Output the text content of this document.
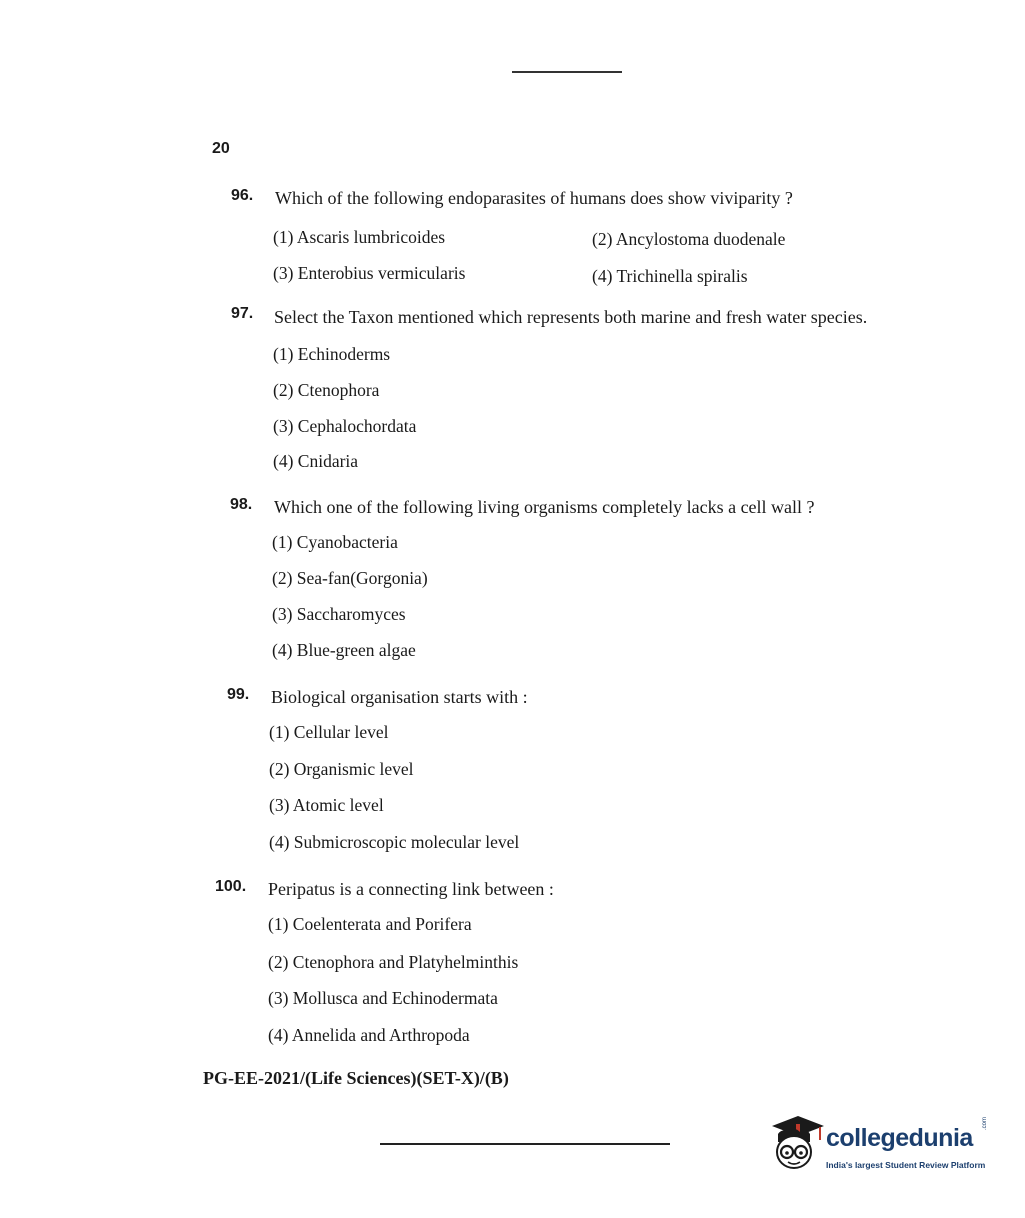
20
96. Which of the following endoparasites of humans does show viviparity ?
(1) Ascaris lumbricoides	(2) Ancylostoma duodenale
(3) Enterobius vermicularis	(4) Trichinella spiralis
97. Select the Taxon mentioned which represents both marine and fresh water species.
(1) Echinoderms
(2) Ctenophora
(3) Cephalochordata
(4) Cnidaria
98. Which one of the following living organisms completely lacks a cell wall ?
(1) Cyanobacteria
(2) Sea-fan(Gorgonia)
(3) Saccharomyces
(4) Blue-green algae
99. Biological organisation starts with :
(1) Cellular level
(2) Organismic level
(3) Atomic level
(4) Submicroscopic molecular level
100. Peripatus is a connecting link between :
(1) Coelenterata and Porifera
(2) Ctenophora and Platyhelminthis
(3) Mollusca and Echinodermata
(4) Annelida and Arthropoda
PG-EE-2021/(Life Sciences)(SET-X)/(B)
collegedunia
.com
India's largest Student Review Platform
